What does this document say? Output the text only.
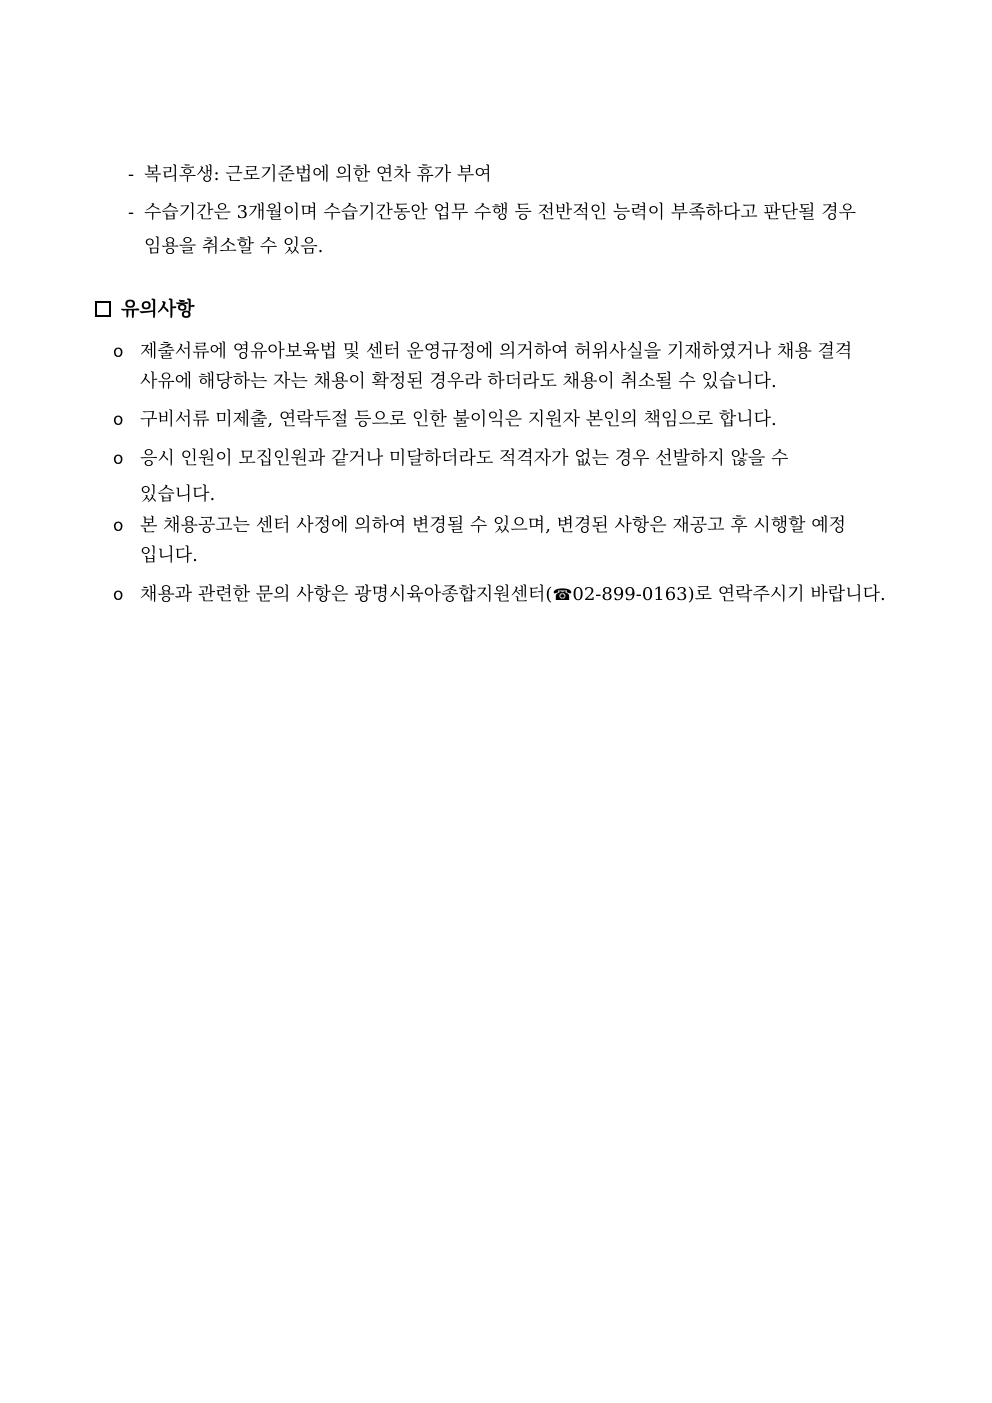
- 복리후생: 근로기준법에 의한 연차 휴가 부여
- 수습기간은 3개월이며 수습기간동안 업무 수행 등 전반적인 능력이 부족하다고 판단될 경우
임용을 취소할 수 있음.
유의사항
o 제출서류에 영유아보육법 및 센터 운영규정에 의거하여 허위사실을 기재하였거나 채용 결격
사유에 해당하는 자는 채용이 확정된 경우라 하더라도 채용이 취소될 수 있습니다.
o 구비서류 미제출, 연락두절 등으로 인한 불이익은 지원자 본인의 책임으로 합니다.
o 응시 인원이 모집인원과 같거나 미달하더라도 적격자가 없는 경우 선발하지 않을 수
있습니다.
o 본 채용공고는 센터 사정에 의하여 변경될 수 있으며, 변경된 사항은 재공고 후 시행할 예정
입니다.
o 채용과 관련한 문의 사항은 광명시육아종합지원센터(☎02-899-0163)로 연락주시기 바랍니다.
